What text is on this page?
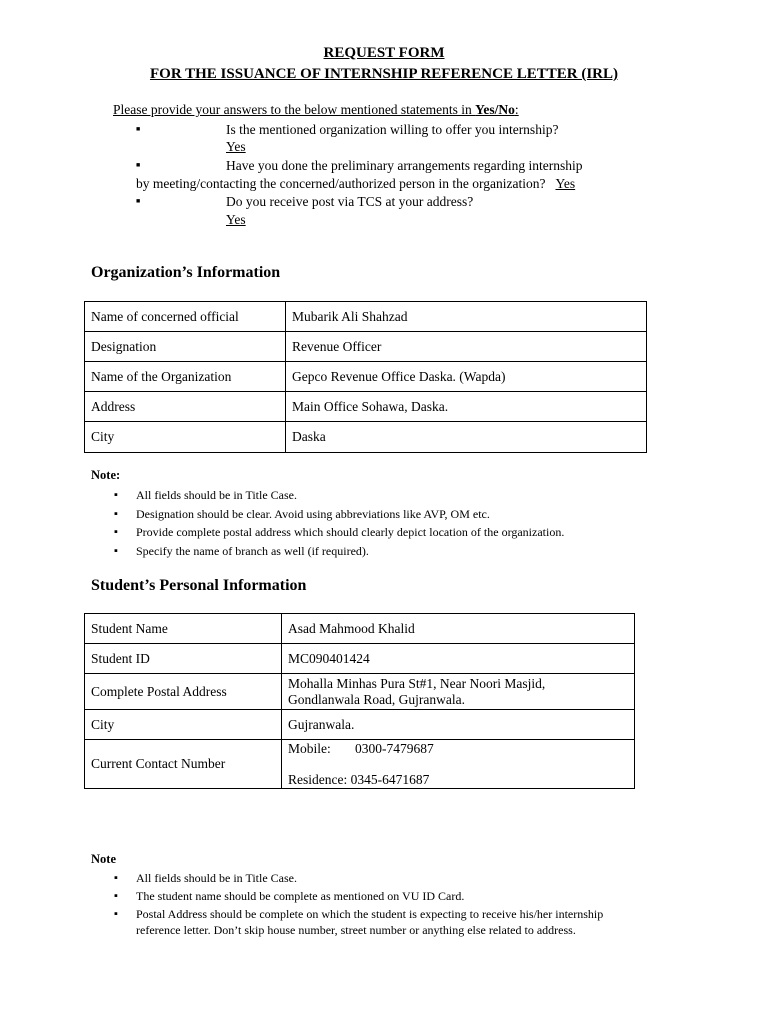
REQUEST FORM
FOR THE ISSUANCE OF INTERNSHIP REFERENCE LETTER (IRL)
Please provide your answers to the below mentioned statements in Yes/No:
■	Is the mentioned organization willing to offer you internship?
Yes
■	Have you done the preliminary arrangements regarding internship
by meeting/contacting the concerned/authorized person in the organization? Yes
■	Do you receive post via TCS at your address?
Yes
Organization’s Information
Name of concerned official	Mubarik Ali Shahzad
Designation	Revenue Officer
Name of the Organization	Gepco Revenue Office Daska. (Wapda)
Address	Main Office Sohawa, Daska.
City	Daska
Note:
▪ All fields should be in Title Case.
▪ Designation should be clear. Avoid using abbreviations like AVP, OM etc.
▪ Provide complete postal address which should clearly depict location of the organization.
▪ Specify the name of branch as well (if required).
Student’s Personal Information
Student Name	Asad Mahmood Khalid
Student ID	MC090401424
Complete Postal Address	Mohalla Minhas Pura St#1, Near Noori Masjid,
Gondlanwala Road, Gujranwala.

City	Gujranwala.
Current Contact Number	Mobile: 0300-7479687
Residence: 0345-6471687
Note
▪ All fields should be in Title Case.
▪ The student name should be complete as mentioned on VU ID Card.
▪ Postal Address should be complete on which the student is expecting to receive his/her internship
reference letter. Don’t skip house number, street number or anything else related to address.
